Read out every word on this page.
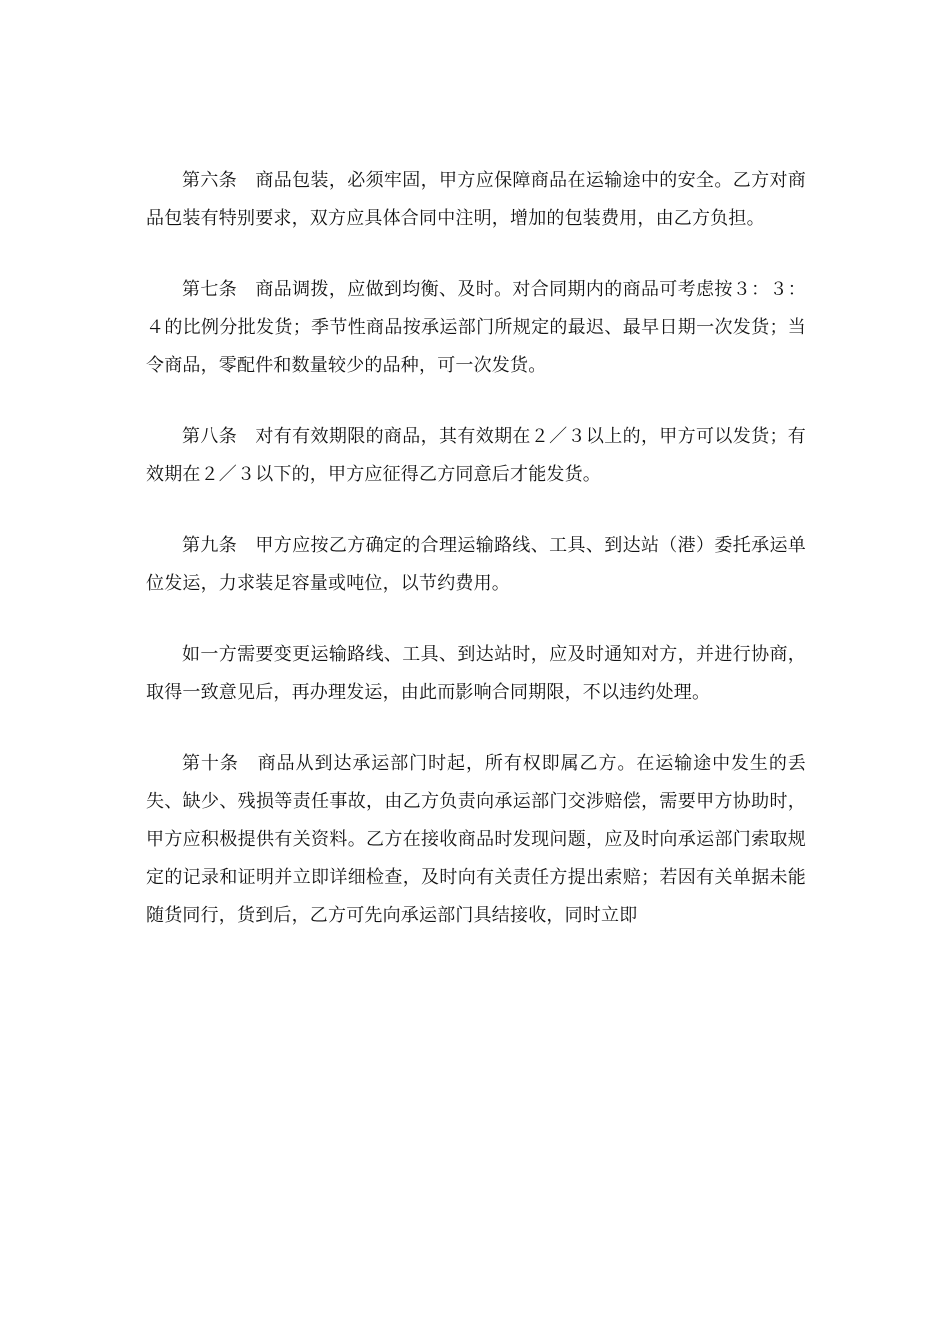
第六条　商品包装，必须牢固，甲方应保障商品在运输途中的安全。乙方对商品包装有特别要求，双方应具体合同中注明，增加的包装费用，由乙方负担。

第七条　商品调拨，应做到均衡、及时。对合同期内的商品可考虑按３：３：４的比例分批发货；季节性商品按承运部门所规定的最迟、最早日期一次发货；当令商品，零配件和数量较少的品种，可一次发货。

第八条　对有有效期限的商品，其有效期在２／３以上的，甲方可以发货；有效期在２／３以下的，甲方应征得乙方同意后才能发货。

第九条　甲方应按乙方确定的合理运输路线、工具、到达站（港）委托承运单位发运，力求装足容量或吨位，以节约费用。

如一方需要变更运输路线、工具、到达站时，应及时通知对方，并进行协商，取得一致意见后，再办理发运，由此而影响合同期限，不以违约处理。

第十条　商品从到达承运部门时起，所有权即属乙方。在运输途中发生的丢失、缺少、残损等责任事故，由乙方负责向承运部门交涉赔偿，需要甲方协助时，甲方应积极提供有关资料。乙方在接收商品时发现问题，应及时向承运部门索取规定的记录和证明并立即详细检查，及时向有关责任方提出索赔；若因有关单据未能随货同行，货到后，乙方可先向承运部门具结接收，同时立即
